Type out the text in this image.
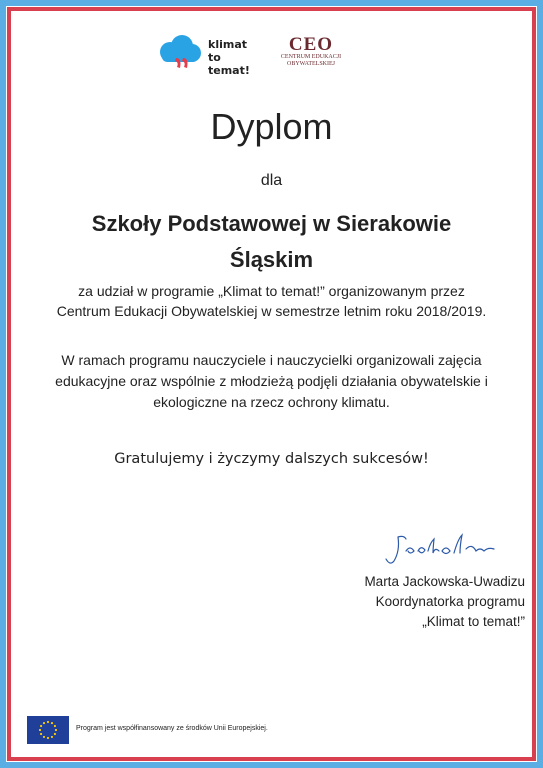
klimat
to temat!
CEO
CENTRUM EDUKACJI
OBYWATELSKIEJ
Dyplom
dla
Szkoły Podstawowej w Sierakowie
Śląskim
za udział w programie „Klimat to temat!” organizowanym przez
Centrum Edukacji Obywatelskiej w semestrze letnim roku 2018/2019.
W ramach programu nauczyciele i nauczycielki organizowali zajęcia
edukacyjne oraz wspólnie z młodzieżą podjęli działania obywatelskie i
ekologiczne na rzecz ochrony klimatu.
Gratulujemy i życzymy dalszych sukcesów!
Marta Jackowska-Uwadizu
Koordynatorka programu
„Klimat to temat!”
Program jest współfinansowany ze środków Unii Europejskiej.
